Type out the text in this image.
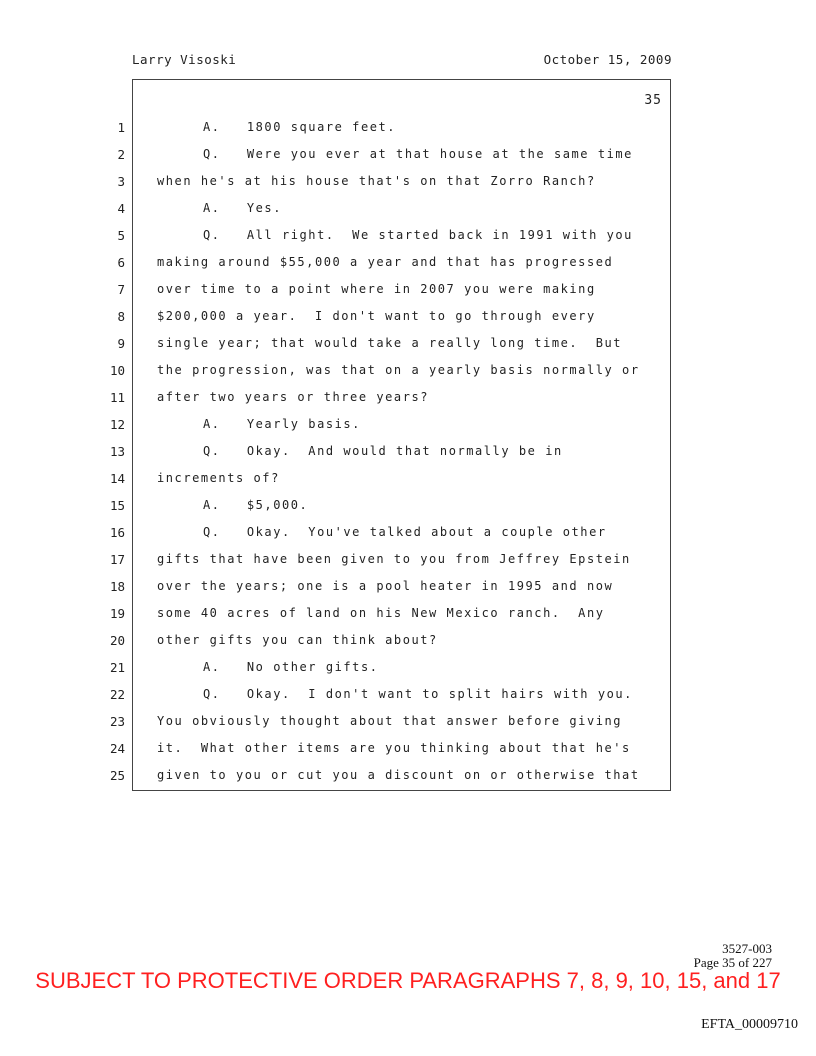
Larry Visoski	October 15, 2009
35
1	A.   1800 square feet.
2	Q.   Were you ever at that house at the same time
3	when he's at his house that's on that Zorro Ranch?
4	A.   Yes.
5	Q.   All right.  We started back in 1991 with you
6	making around $55,000 a year and that has progressed
7	over time to a point where in 2007 you were making
8	$200,000 a year.  I don't want to go through every
9	single year; that would take a really long time.  But
10	the progression, was that on a yearly basis normally or
11	after two years or three years?
12	A.   Yearly basis.
13	Q.   Okay.  And would that normally be in
14	increments of?
15	A.   $5,000.
16	Q.   Okay.  You've talked about a couple other
17	gifts that have been given to you from Jeffrey Epstein
18	over the years; one is a pool heater in 1995 and now
19	some 40 acres of land on his New Mexico ranch.  Any
20	other gifts you can think about?
21	A.   No other gifts.
22	Q.   Okay.  I don't want to split hairs with you.
23	You obviously thought about that answer before giving
24	it.  What other items are you thinking about that he's
25	given to you or cut you a discount on or otherwise that
3527-003
Page 35 of 227
SUBJECT TO PROTECTIVE ORDER PARAGRAPHS 7, 8, 9, 10, 15, and 17
EFTA_00009710
